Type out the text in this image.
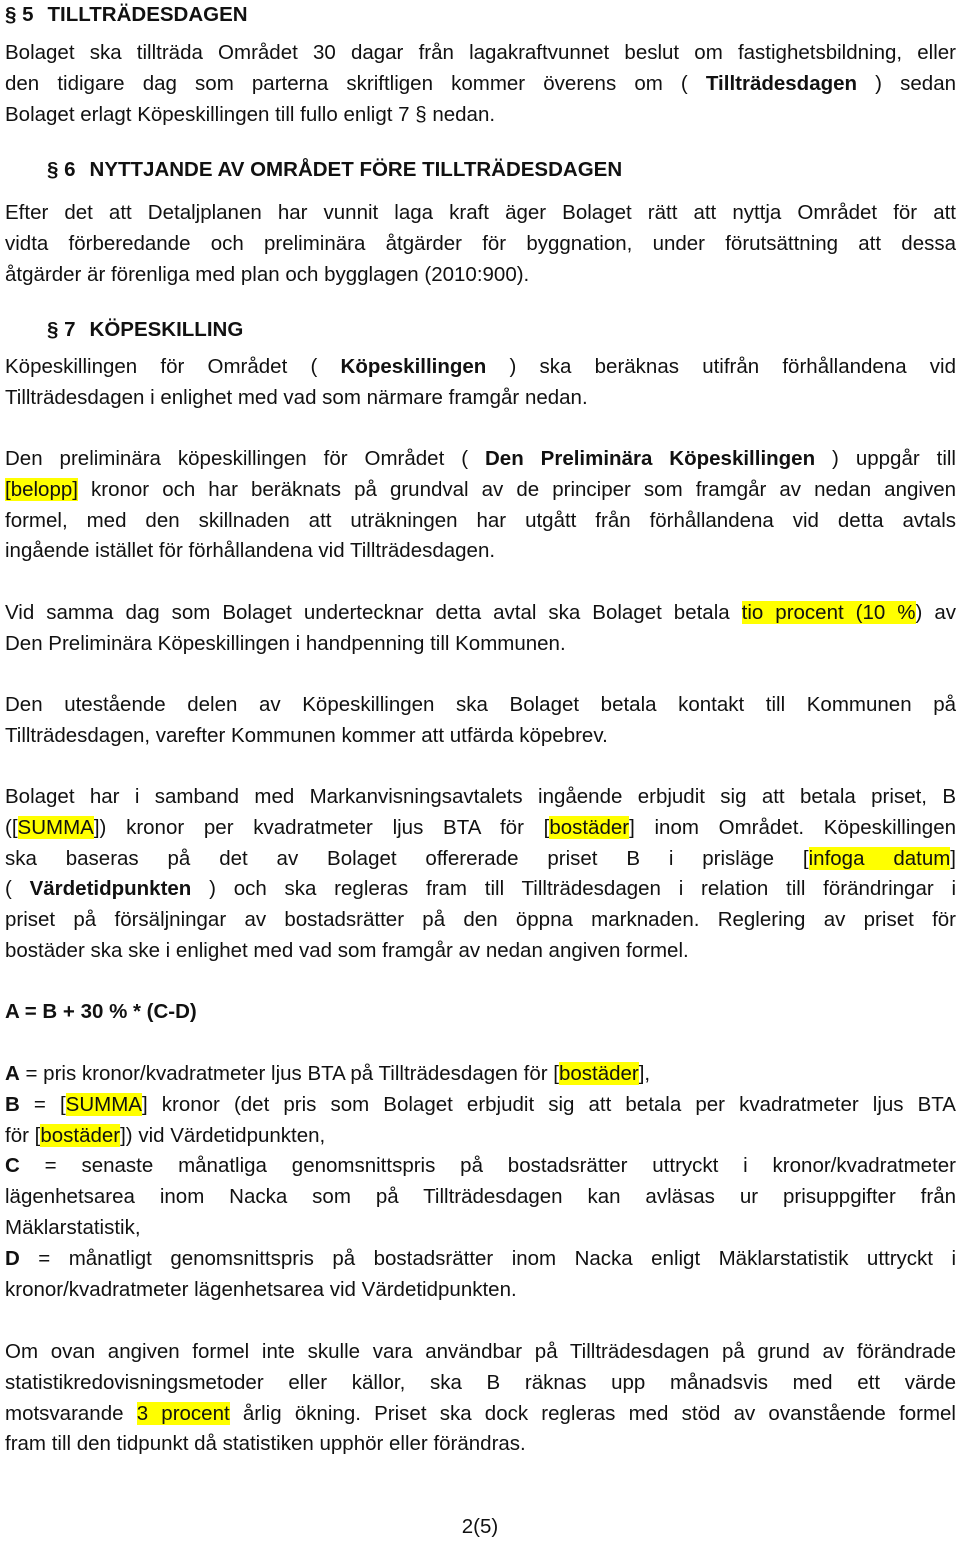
§ 5 TILLTRÄDESDAGEN
Bolaget ska tillträda Området 30 dagar från lagakraftvunnet beslut om fastighetsbildning, eller
den tidigare dag som parterna skriftligen kommer överens om ( Tillträdesdagen ) sedan
Bolaget erlagt Köpeskillingen till fullo enligt 7 § nedan.
§ 6 NYTTJANDE AV OMRÅDET FÖRE TILLTRÄDESDAGEN
Efter det att Detaljplanen har vunnit laga kraft äger Bolaget rätt att nyttja Området för att
vidta förberedande och preliminära åtgärder för byggnation, under förutsättning att dessa
åtgärder är förenliga med plan och bygglagen (2010:900).
§ 7 KÖPESKILLING
Köpeskillingen för Området ( Köpeskillingen ) ska beräknas utifrån förhållandena vid
Tillträdesdagen i enlighet med vad som närmare framgår nedan.
Den preliminära köpeskillingen för Området ( Den Preliminära Köpeskillingen ) uppgår till
[belopp] kronor och har beräknats på grundval av de principer som framgår av nedan angiven
formel, med den skillnaden att uträkningen har utgått från förhållandena vid detta avtals
ingående istället för förhållandena vid Tillträdesdagen.
Vid samma dag som Bolaget undertecknar detta avtal ska Bolaget betala tio procent (10 %) av
Den Preliminära Köpeskillingen i handpenning till Kommunen.
Den utestående delen av Köpeskillingen ska Bolaget betala kontakt till Kommunen på
Tillträdesdagen, varefter Kommunen kommer att utfärda köpebrev.
Bolaget har i samband med Markanvisningsavtalets ingående erbjudit sig att betala priset, B
([SUMMA]) kronor per kvadratmeter ljus BTA för [bostäder] inom Området. Köpeskillingen
ska baseras på det av Bolaget offererade priset B i prisläge [infoga datum]
( Värdetidpunkten ) och ska regleras fram till Tillträdesdagen i relation till förändringar i
priset på försäljningar av bostadsrätter på den öppna marknaden. Reglering av priset för
bostäder ska ske i enlighet med vad som framgår av nedan angiven formel.
A = B + 30 % * (C-D)
A = pris kronor/kvadratmeter ljus BTA på Tillträdesdagen för [bostäder],
B = [SUMMA] kronor (det pris som Bolaget erbjudit sig att betala per kvadratmeter ljus BTA
för [bostäder]) vid Värdetidpunkten,
C = senaste månatliga genomsnittspris på bostadsrätter uttryckt i kronor/kvadratmeter
lägenhetsarea inom Nacka som på Tillträdesdagen kan avläsas ur prisuppgifter från
Mäklarstatistik,
D = månatligt genomsnittspris på bostadsrätter inom Nacka enligt Mäklarstatistik uttryckt i
kronor/kvadratmeter lägenhetsarea vid Värdetidpunkten.
Om ovan angiven formel inte skulle vara användbar på Tillträdesdagen på grund av förändrade
statistikredovisningsmetoder eller källor, ska B räknas upp månadsvis med ett värde
motsvarande 3 procent årlig ökning. Priset ska dock regleras med stöd av ovanstående formel
fram till den tidpunkt då statistiken upphör eller förändras.
2(5)
